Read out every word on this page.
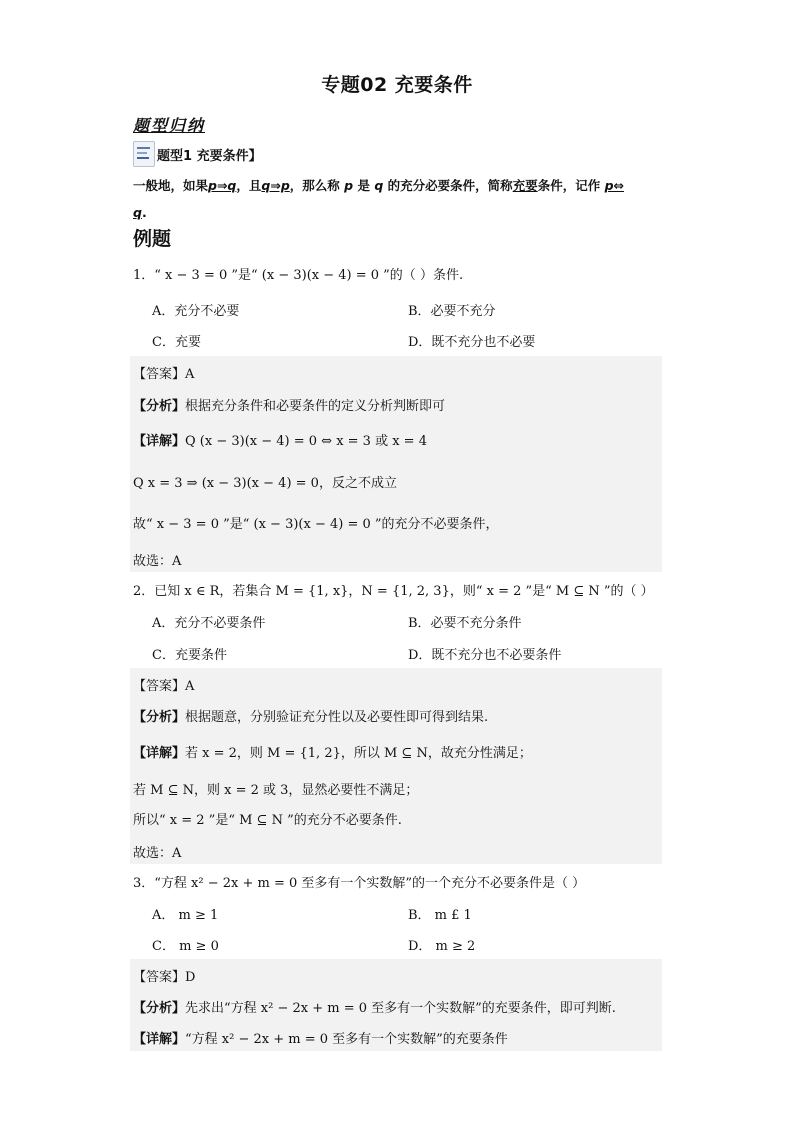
专题02 充要条件
题型归纳
题型1 充要条件】
一般地，如果p⇒q，且q⇒p，那么称 p 是 q 的充分必要条件，简称充要条件，记作 p⇔
q.
例题
1．“ x − 3 = 0 ”是“ (x − 3)(x − 4) = 0 ”的（ ）条件.
A．充分不必要	B．必要不充分
C．充要	D．既不充分也不必要
【答案】A
【分析】根据充分条件和必要条件的定义分析判断即可
【详解】Q (x − 3)(x − 4) = 0 ⇔ x = 3 或 x = 4
Q x = 3 ⇒ (x − 3)(x − 4) = 0，反之不成立
故“ x − 3 = 0 ”是“ (x − 3)(x − 4) = 0 ”的充分不必要条件，
故选：A
2．已知 x ∈ R，若集合 M = {1, x}，N = {1, 2, 3}，则“ x = 2 ”是“ M ⊆ N ”的（ ）
A．充分不必要条件	B．必要不充分条件
C．充要条件	D．既不充分也不必要条件
【答案】A
【分析】根据题意，分别验证充分性以及必要性即可得到结果.
【详解】若 x = 2，则 M = {1, 2}，所以 M ⊆ N，故充分性满足；
若 M ⊆ N，则 x = 2 或 3，显然必要性不满足；
所以“ x = 2 ”是“ M ⊆ N ”的充分不必要条件.
故选：A
3．“方程 x² − 2x + m = 0 至多有一个实数解”的一个充分不必要条件是（ ）
A． m ≥ 1	B． m £ 1
C． m ≥ 0	D． m ≥ 2
【答案】D
【分析】先求出“方程 x² − 2x + m = 0 至多有一个实数解”的充要条件，即可判断.
【详解】“方程 x² − 2x + m = 0 至多有一个实数解”的充要条件
